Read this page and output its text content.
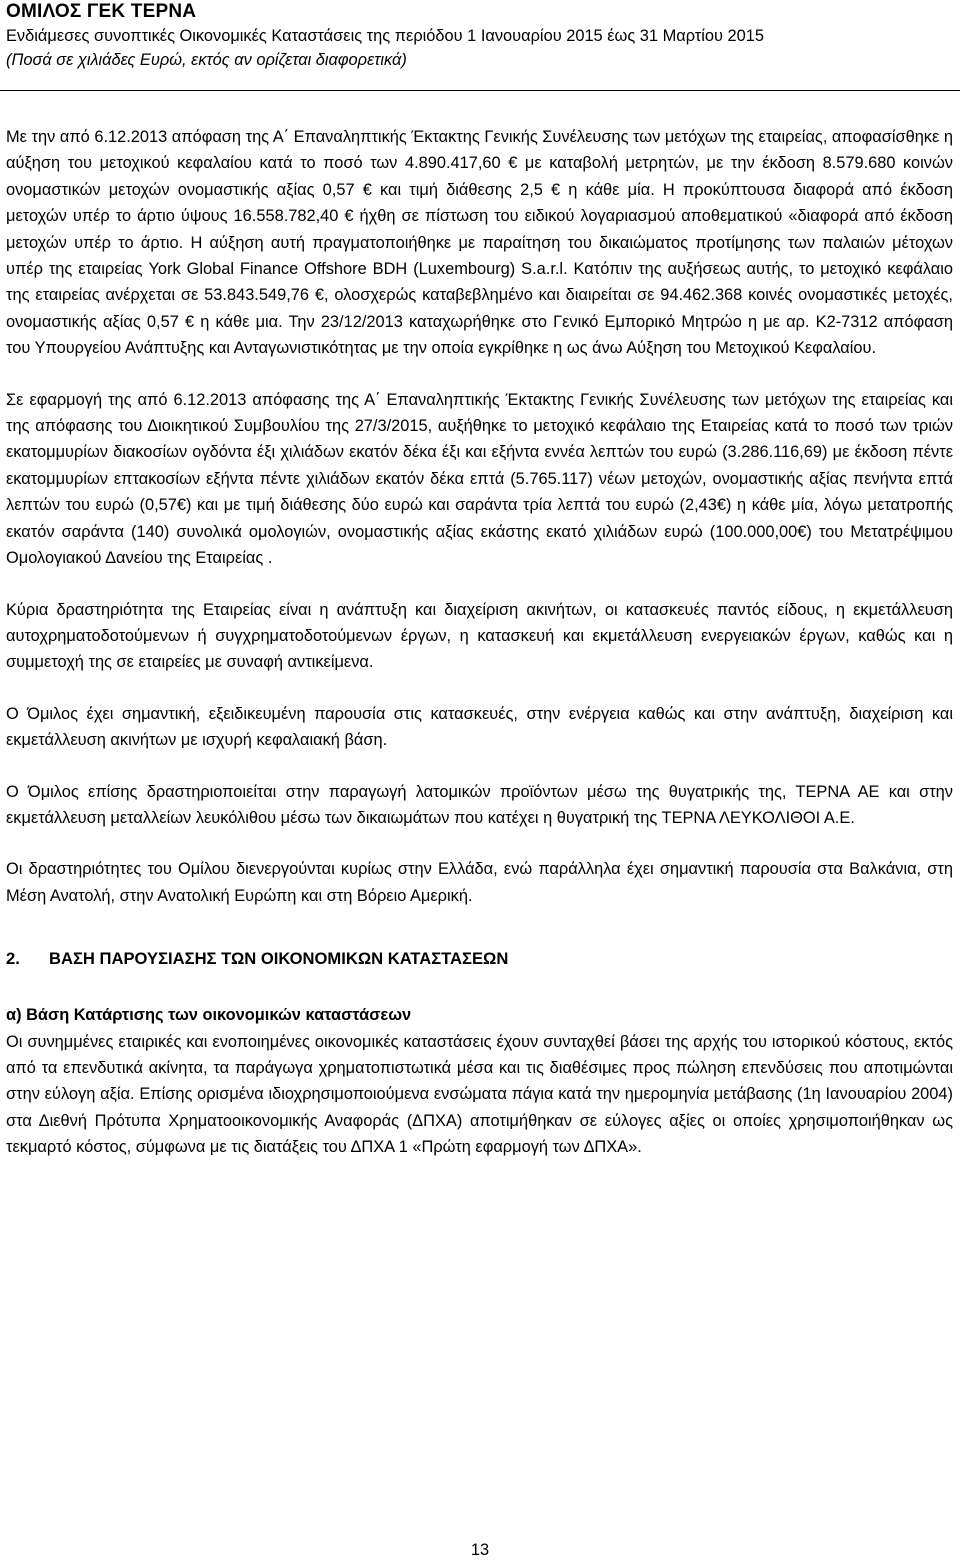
ΟΜΙΛΟΣ ΓΕΚ ΤΕΡΝΑ
Ενδιάμεσες συνοπτικές Οικονομικές Καταστάσεις της περιόδου 1 Ιανουαρίου 2015 έως 31 Μαρτίου 2015
(Ποσά σε χιλιάδες Ευρώ, εκτός αν ορίζεται διαφορετικά)

Με την από 6.12.2013 απόφαση της Α΄ Επαναληπτικής Έκτακτης Γενικής Συνέλευσης των μετόχων της εταιρείας, αποφασίσθηκε η αύξηση του μετοχικού κεφαλαίου κατά το ποσό των 4.890.417,60 € με καταβολή μετρητών, με την έκδοση 8.579.680 κοινών ονομαστικών μετοχών ονομαστικής αξίας 0,57 € και τιμή διάθεσης 2,5 € η κάθε μία. Η προκύπτουσα διαφορά από έκδοση μετοχών υπέρ το άρτιο ύψους 16.558.782,40 € ήχθη σε πίστωση του ειδικού λογαριασμού αποθεματικού «διαφορά από έκδοση μετοχών υπέρ το άρτιο. Η αύξηση αυτή πραγματοποιήθηκε με παραίτηση του δικαιώματος προτίμησης των παλαιών μέτοχων υπέρ της εταιρείας York Global Finance Offshore BDH (Luxembourg) S.a.r.l. Κατόπιν της αυξήσεως αυτής, το μετοχικό κεφάλαιο της εταιρείας ανέρχεται σε 53.843.549,76 €, ολοσχερώς καταβεβλημένο και διαιρείται σε 94.462.368 κοινές ονομαστικές μετοχές, ονομαστικής αξίας 0,57 € η κάθε μια. Την 23/12/2013 καταχωρήθηκε στο Γενικό Εμπορικό Μητρώο η με αρ. Κ2-7312 απόφαση του Υπουργείου Ανάπτυξης και Ανταγωνιστικότητας με την οποία εγκρίθηκε η ως άνω Αύξηση του Μετοχικού Κεφαλαίου.

Σε εφαρμογή της από 6.12.2013 απόφασης της Α΄ Επαναληπτικής Έκτακτης Γενικής Συνέλευσης των μετόχων της εταιρείας και της απόφασης του Διοικητικού Συμβουλίου της 27/3/2015, αυξήθηκε το μετοχικό κεφάλαιο της Εταιρείας κατά το ποσό των τριών εκατομμυρίων διακοσίων ογδόντα έξι χιλιάδων εκατόν δέκα έξι και εξήντα εννέα λεπτών του ευρώ (3.286.116,69) με έκδοση πέντε εκατομμυρίων επτακοσίων εξήντα πέντε χιλιάδων εκατόν δέκα επτά (5.765.117) νέων μετοχών, ονομαστικής αξίας πενήντα επτά λεπτών του ευρώ (0,57€) και με τιμή διάθεσης δύο ευρώ και σαράντα τρία λεπτά του ευρώ (2,43€) η κάθε μία, λόγω μετατροπής εκατόν σαράντα (140) συνολικά ομολογιών, ονομαστικής αξίας εκάστης εκατό χιλιάδων ευρώ (100.000,00€) του Μετατρέψιμου Ομολογιακού Δανείου της Εταιρείας .

Κύρια δραστηριότητα της Εταιρείας είναι η ανάπτυξη και διαχείριση ακινήτων, οι κατασκευές παντός είδους, η εκμετάλλευση αυτοχρηματοδοτούμενων ή συγχρηματοδοτούμενων έργων, η κατασκευή και εκμετάλλευση ενεργειακών έργων, καθώς και η συμμετοχή της σε εταιρείες με συναφή αντικείμενα.

Ο Όμιλος έχει σημαντική, εξειδικευμένη παρουσία στις κατασκευές, στην ενέργεια καθώς και στην ανάπτυξη, διαχείριση και εκμετάλλευση ακινήτων με ισχυρή κεφαλαιακή βάση.

Ο Όμιλος επίσης δραστηριοποιείται στην παραγωγή λατομικών προϊόντων μέσω της θυγατρικής της, ΤΕΡΝΑ ΑΕ και στην εκμετάλλευση μεταλλείων λευκόλιθου μέσω των δικαιωμάτων που κατέχει η θυγατρική της ΤΕΡΝΑ ΛΕΥΚΟΛΙΘΟΙ Α.Ε.

Οι δραστηριότητες του Ομίλου διενεργούνται κυρίως στην Ελλάδα, ενώ παράλληλα έχει σημαντική παρουσία στα Βαλκάνια, στη Μέση Ανατολή, στην Ανατολική Ευρώπη και στη Βόρειο Αμερική.

2. ΒΑΣΗ ΠΑΡΟΥΣΙΑΣΗΣ ΤΩΝ ΟΙΚΟΝΟΜΙΚΩΝ ΚΑΤΑΣΤΑΣΕΩΝ
α) Βάση Κατάρτισης των οικονομικών καταστάσεων

Οι συνημμένες εταιρικές και ενοποιημένες οικονομικές καταστάσεις έχουν συνταχθεί βάσει της αρχής του ιστορικού κόστους, εκτός από τα επενδυτικά ακίνητα, τα παράγωγα χρηματοπιστωτικά μέσα και τις διαθέσιμες προς πώληση επενδύσεις που αποτιμώνται στην εύλογη αξία. Επίσης ορισμένα ιδιοχρησιμοποιούμενα ενσώματα πάγια κατά την ημερομηνία μετάβασης (1η Ιανουαρίου 2004) στα Διεθνή Πρότυπα Χρηματοοικονομικής Αναφοράς (ΔΠΧΑ) αποτιμήθηκαν σε εύλογες αξίες οι οποίες χρησιμοποιήθηκαν ως τεκμαρτό κόστος, σύμφωνα με τις διατάξεις του ΔΠΧΑ 1 «Πρώτη εφαρμογή των ΔΠΧΑ».

13
